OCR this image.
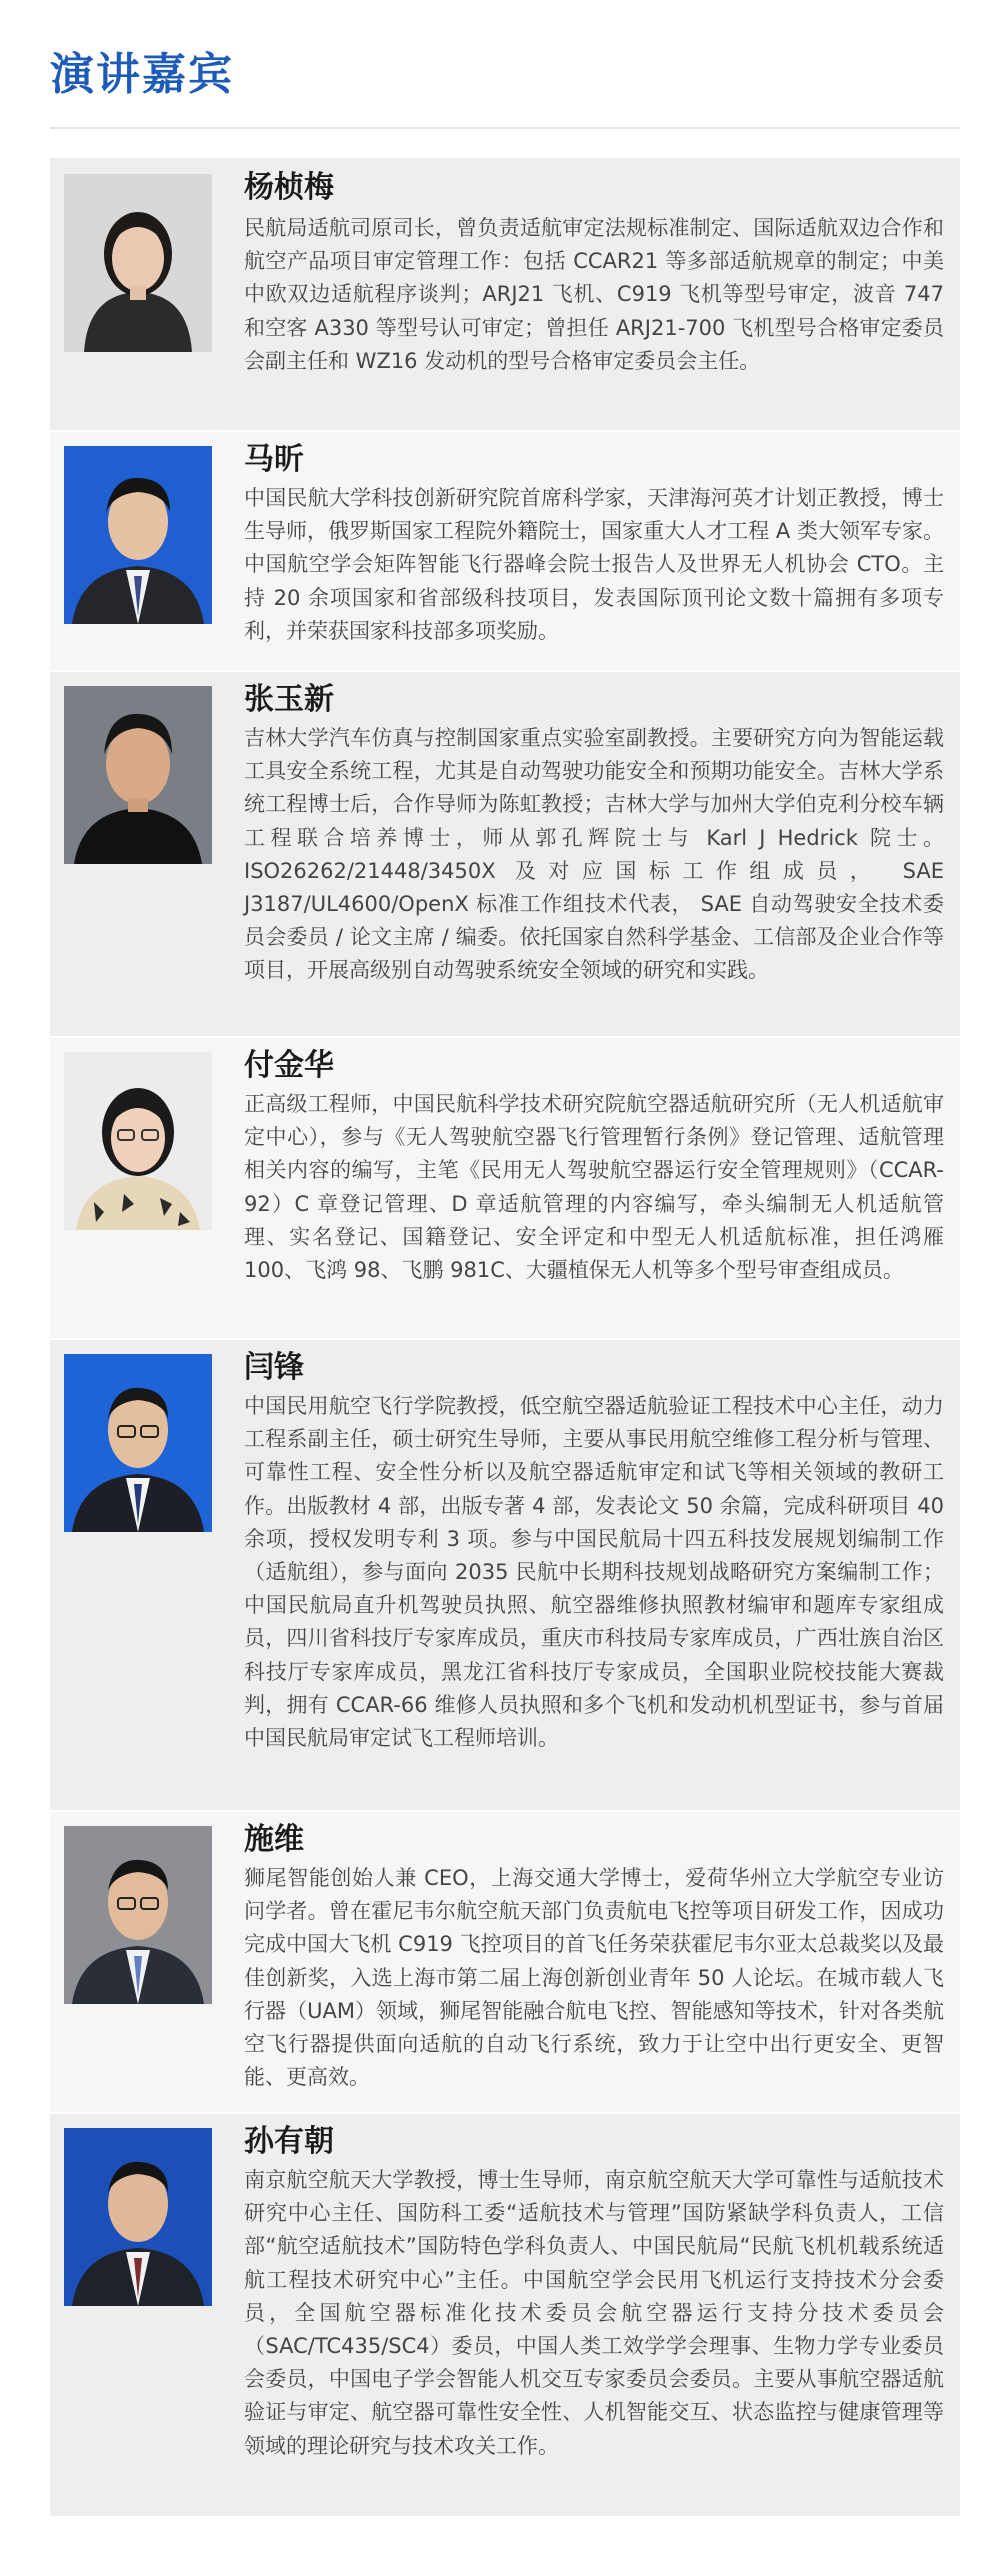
演讲嘉宾
杨桢梅

民航局适航司原司长，曾负责适航审定法规标准制定、国际适航双边合作和航空产品项目审定管理工作：包括 CCAR21 等多部适航规章的制定；中美中欧双边适航程序谈判；ARJ21 飞机、C919 飞机等型号审定，波音 747 和空客 A330 等型号认可审定；曾担任 ARJ21-700 飞机型号合格审定委员会副主任和 WZ16 发动机的型号合格审定委员会主任。

马昕

中国民航大学科技创新研究院首席科学家，天津海河英才计划正教授，博士生导师，俄罗斯国家工程院外籍院士，国家重大人才工程 A 类大领军专家。中国航空学会矩阵智能飞行器峰会院士报告人及世界无人机协会 CTO。主持 20 余项国家和省部级科技项目，发表国际顶刊论文数十篇拥有多项专利，并荣获国家科技部多项奖励。

张玉新

吉林大学汽车仿真与控制国家重点实验室副教授。主要研究方向为智能运载工具安全系统工程，尤其是自动驾驶功能安全和预期功能安全。吉林大学系统工程博士后，合作导师为陈虹教授；吉林大学与加州大学伯克利分校车辆工程联合培养博士，师从郭孔辉院士与 Karl J Hedrick 院士。ISO26262/21448/3450X 及对应国标工作组成员， SAE J3187/UL4600/OpenX 标准工作组技术代表， SAE 自动驾驶安全技术委员会委员 / 论文主席 / 编委。依托国家自然科学基金、工信部及企业合作等项目，开展高级别自动驾驶系统安全领域的研究和实践。

付金华

正高级工程师，中国民航科学技术研究院航空器适航研究所（无人机适航审定中心），参与《无人驾驶航空器飞行管理暂行条例》登记管理、适航管理相关内容的编写，主笔《民用无人驾驶航空器运行安全管理规则》（CCAR-92）C 章登记管理、D 章适航管理的内容编写，牵头编制无人机适航管理、实名登记、国籍登记、安全评定和中型无人机适航标准，担任鸿雁 100、飞鸿 98、飞鹏 981C、大疆植保无人机等多个型号审查组成员。

闫锋

中国民用航空飞行学院教授，低空航空器适航验证工程技术中心主任，动力工程系副主任，硕士研究生导师，主要从事民用航空维修工程分析与管理、可靠性工程、安全性分析以及航空器适航审定和试飞等相关领域的教研工作。出版教材 4 部，出版专著 4 部，发表论文 50 余篇，完成科研项目 40 余项，授权发明专利 3 项。参与中国民航局十四五科技发展规划编制工作（适航组），参与面向 2035 民航中长期科技规划战略研究方案编制工作；中国民航局直升机驾驶员执照、航空器维修执照教材编审和题库专家组成员，四川省科技厅专家库成员，重庆市科技局专家库成员，广西壮族自治区科技厅专家库成员，黑龙江省科技厅专家成员，全国职业院校技能大赛裁判，拥有 CCAR-66 维修人员执照和多个飞机和发动机机型证书，参与首届中国民航局审定试飞工程师培训。

施维

狮尾智能创始人兼 CEO，上海交通大学博士，爱荷华州立大学航空专业访问学者。曾在霍尼韦尔航空航天部门负责航电飞控等项目研发工作，因成功完成中国大飞机 C919 飞控项目的首飞任务荣获霍尼韦尔亚太总裁奖以及最佳创新奖，入选上海市第二届上海创新创业青年 50 人论坛。在城市载人飞行器（UAM）领域，狮尾智能融合航电飞控、智能感知等技术，针对各类航空飞行器提供面向适航的自动飞行系统，致力于让空中出行更安全、更智能、更高效。

孙有朝

南京航空航天大学教授，博士生导师，南京航空航天大学可靠性与适航技术研究中心主任、国防科工委“适航技术与管理”国防紧缺学科负责人，工信部“航空适航技术”国防特色学科负责人、中国民航局“民航飞机机载系统适航工程技术研究中心”主任。中国航空学会民用飞机运行支持技术分会委员，全国航空器标准化技术委员会航空器运行支持分技术委员会（SAC/TC435/SC4）委员，中国人类工效学学会理事、生物力学专业委员会委员，中国电子学会智能人机交互专家委员会委员。主要从事航空器适航验证与审定、航空器可靠性安全性、人机智能交互、状态监控与健康管理等领域的理论研究与技术攻关工作。
